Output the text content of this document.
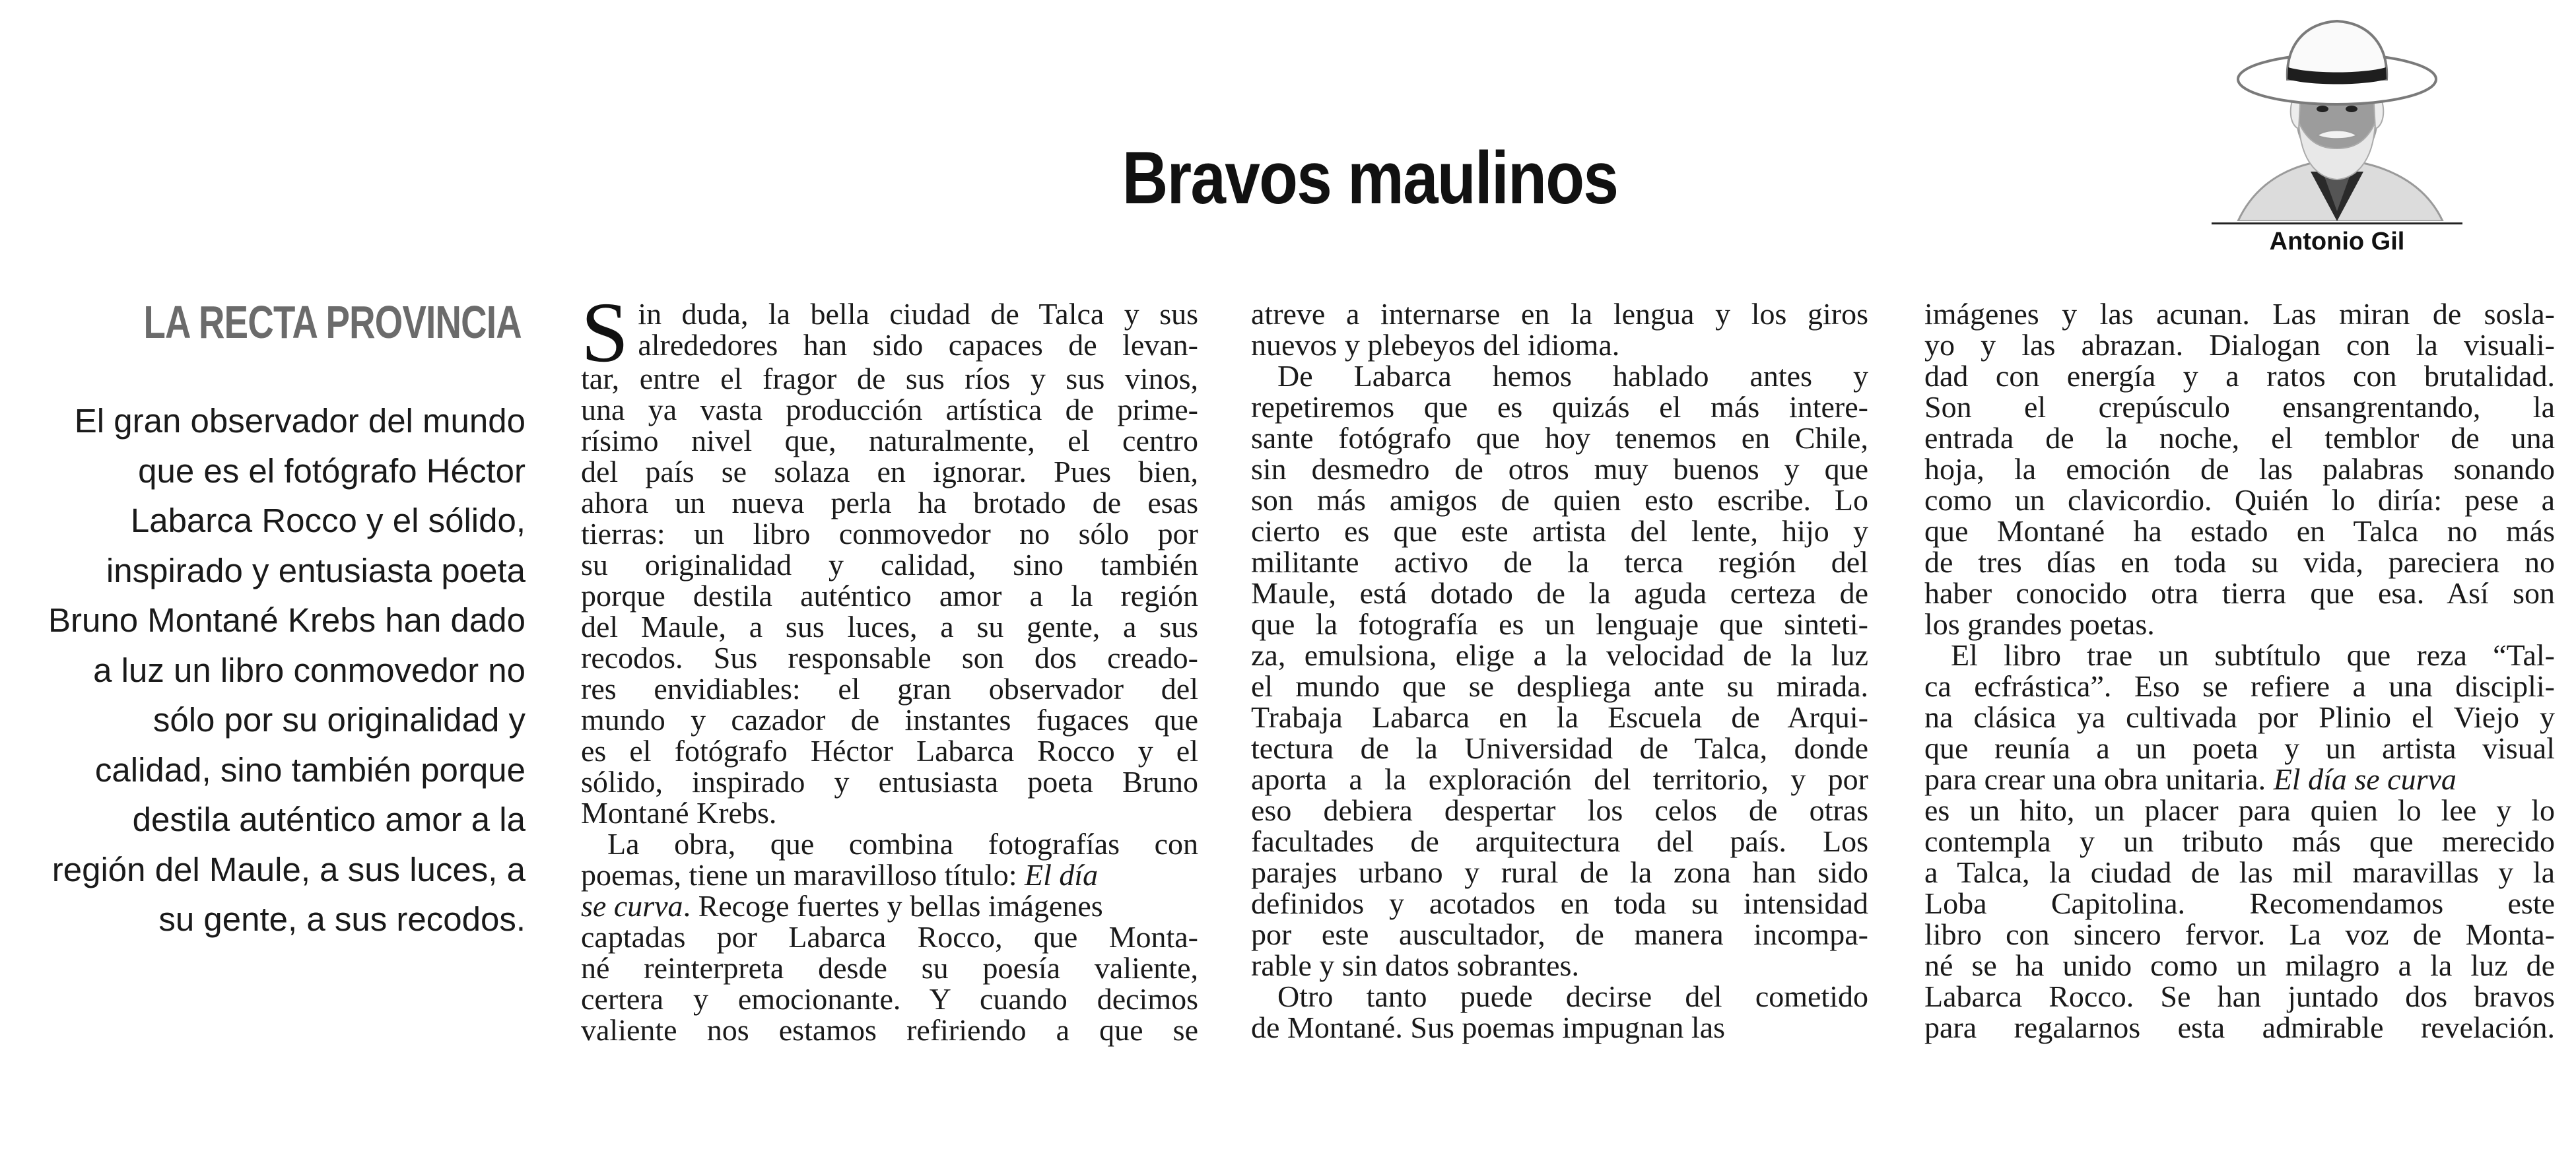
Bravos maulinos
Antonio Gil
LA RECTA PROVINCIA
El gran observador del mundo
que es el fotógrafo Héctor
Labarca Rocco y el sólido,
inspirado y entusiasta poeta
Bruno Montané Krebs han dado
a luz un libro conmovedor no
sólo por su originalidad y
calidad, sino también porque
destila auténtico amor a la
región del Maule, a sus luces, a
su gente, a sus recodos.
S in duda, la bella ciudad de Talca y sus
alrededores han sido capaces de levan-
tar, entre el fragor de sus ríos y sus vinos,
una ya vasta producción artística de prime-
rísimo nivel que, naturalmente, el centro
del país se solaza en ignorar. Pues bien,
ahora un nueva perla ha brotado de esas
tierras: un libro conmovedor no sólo por
su originalidad y calidad, sino también
porque destila auténtico amor a la región
del Maule, a sus luces, a su gente, a sus
recodos. Sus responsable son dos creado-
res envidiables: el gran observador del
mundo y cazador de instantes fugaces que
es el fotógrafo Héctor Labarca Rocco y el
sólido, inspirado y entusiasta poeta Bruno
Montané Krebs.
La obra, que combina fotografías con
poemas, tiene un maravilloso título: El día
se curva. Recoge fuertes y bellas imágenes
captadas por Labarca Rocco, que Monta-
né reinterpreta desde su poesía valiente,
certera y emocionante. Y cuando decimos
valiente nos estamos refiriendo a que se
atreve a internarse en la lengua y los giros
nuevos y plebeyos del idioma.
De Labarca hemos hablado antes y
repetiremos que es quizás el más intere-
sante fotógrafo que hoy tenemos en Chile,
sin desmedro de otros muy buenos y que
son más amigos de quien esto escribe. Lo
cierto es que este artista del lente, hijo y
militante activo de la terca región del
Maule, está dotado de la aguda certeza de
que la fotografía es un lenguaje que sinteti-
za, emulsiona, elige a la velocidad de la luz
el mundo que se despliega ante su mirada.
Trabaja Labarca en la Escuela de Arqui-
tectura de la Universidad de Talca, donde
aporta a la exploración del territorio, y por
eso debiera despertar los celos de otras
facultades de arquitectura del país. Los
parajes urbano y rural de la zona han sido
definidos y acotados en toda su intensidad
por este auscultador, de manera incompa-
rable y sin datos sobrantes.
Otro tanto puede decirse del cometido
de Montané. Sus poemas impugnan las
imágenes y las acunan. Las miran de sosla-
yo y las abrazan. Dialogan con la visuali-
dad con energía y a ratos con brutalidad.
Son el crepúsculo ensangrentando, la
entrada de la noche, el temblor de una
hoja, la emoción de las palabras sonando
como un clavicordio. Quién lo diría: pese a
que Montané ha estado en Talca no más
de tres días en toda su vida, pareciera no
haber conocido otra tierra que esa. Así son
los grandes poetas.
El libro trae un subtítulo que reza “Tal-
ca ecfrástica”. Eso se refiere a una discipli-
na clásica ya cultivada por Plinio el Viejo y
que reunía a un poeta y un artista visual
para crear una obra unitaria. El día se curva
es un hito, un placer para quien lo lee y lo
contempla y un tributo más que merecido
a Talca, la ciudad de las mil maravillas y la
Loba Capitolina. Recomendamos este
libro con sincero fervor. La voz de Monta-
né se ha unido como un milagro a la luz de
Labarca Rocco. Se han juntado dos bravos
para regalarnos esta admirable revelación.
